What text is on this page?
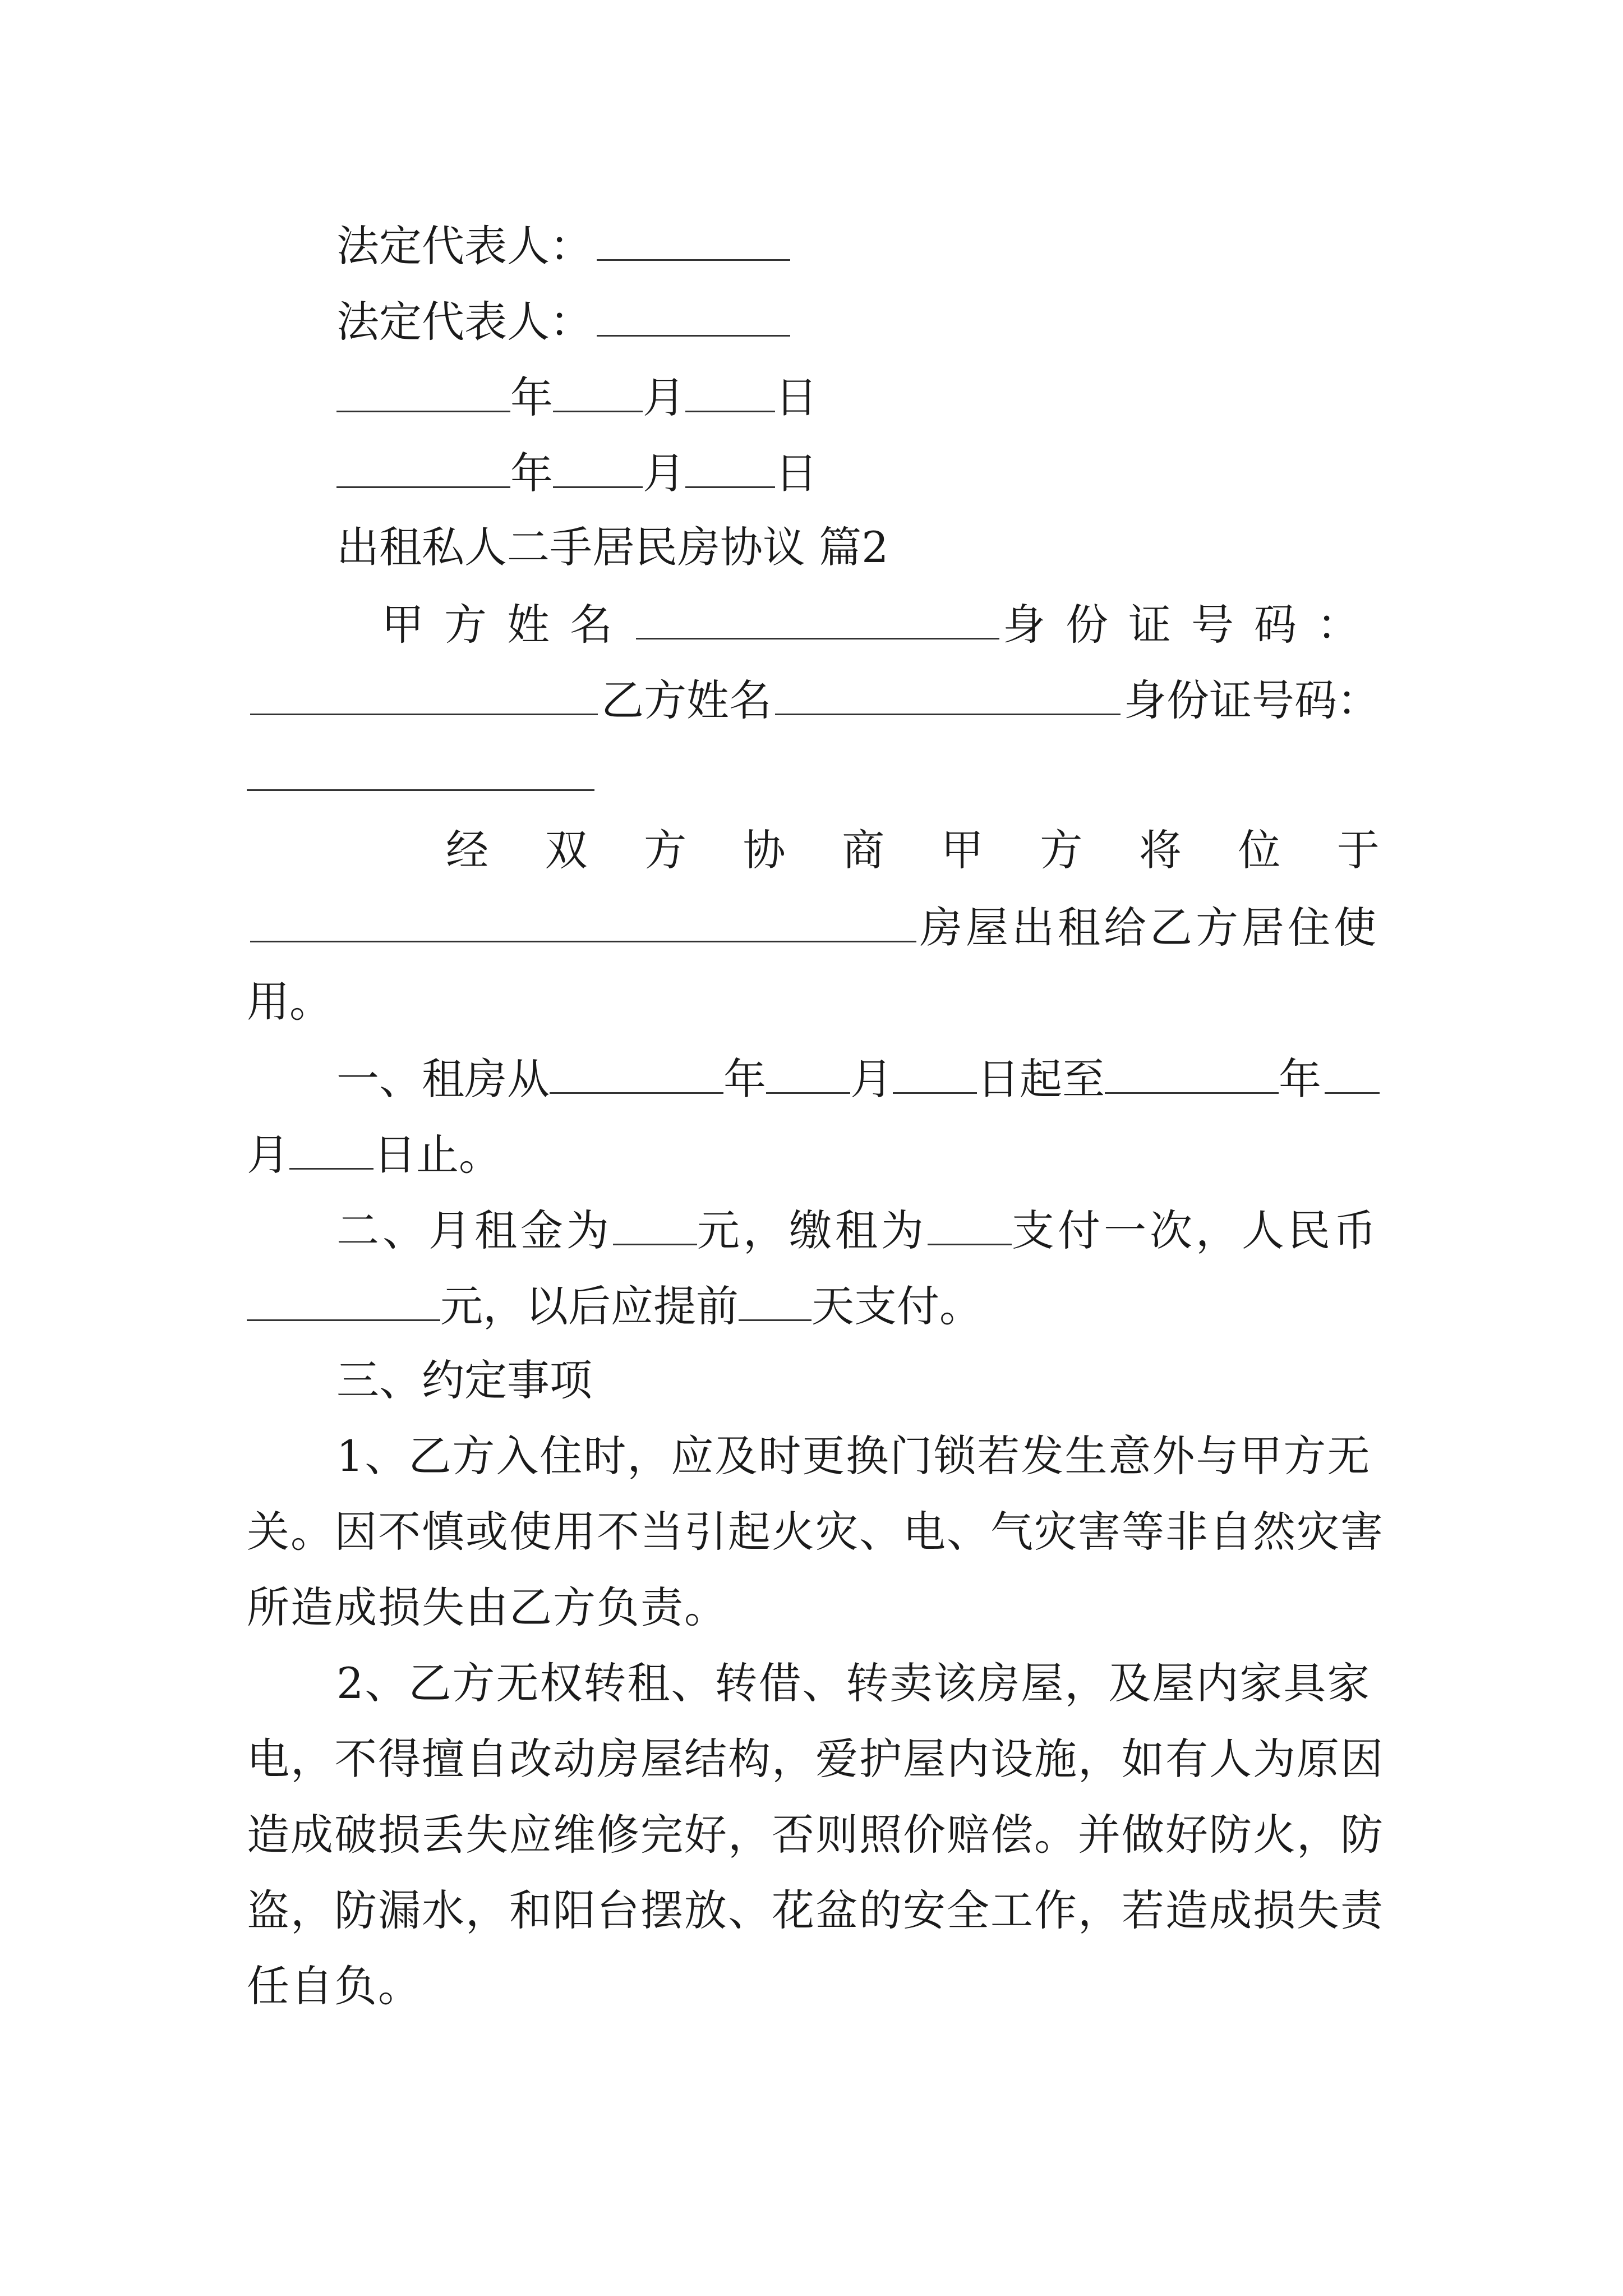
法定代表人：
法定代表人：
年 月 日
年 月 日
出租私人二手居民房协议 篇2
甲方姓名	身份证号码：
乙方姓名	身份证号码：
经 双 方 协 商 甲 方 将 位 于
房屋出租给乙方居住使
用。
一、租房从	年 月 日起至	年
月 日止。
二、月租金为 元，缴租为 支付一次，人民币
元，以后应提前 天支付。
三、约定事项
1、乙方入住时，应及时更换门锁若发生意外与甲方无
关。因不慎或使用不当引起火灾、电、气灾害等非自然灾害
所造成损失由乙方负责。
2、乙方无权转租、转借、转卖该房屋，及屋内家具家
电，不得擅自改动房屋结构，爱护屋内设施，如有人为原因
造成破损丢失应维修完好，否则照价赔偿。并做好防火，防
盗，防漏水，和阳台摆放、花盆的安全工作，若造成损失责
任自负。
